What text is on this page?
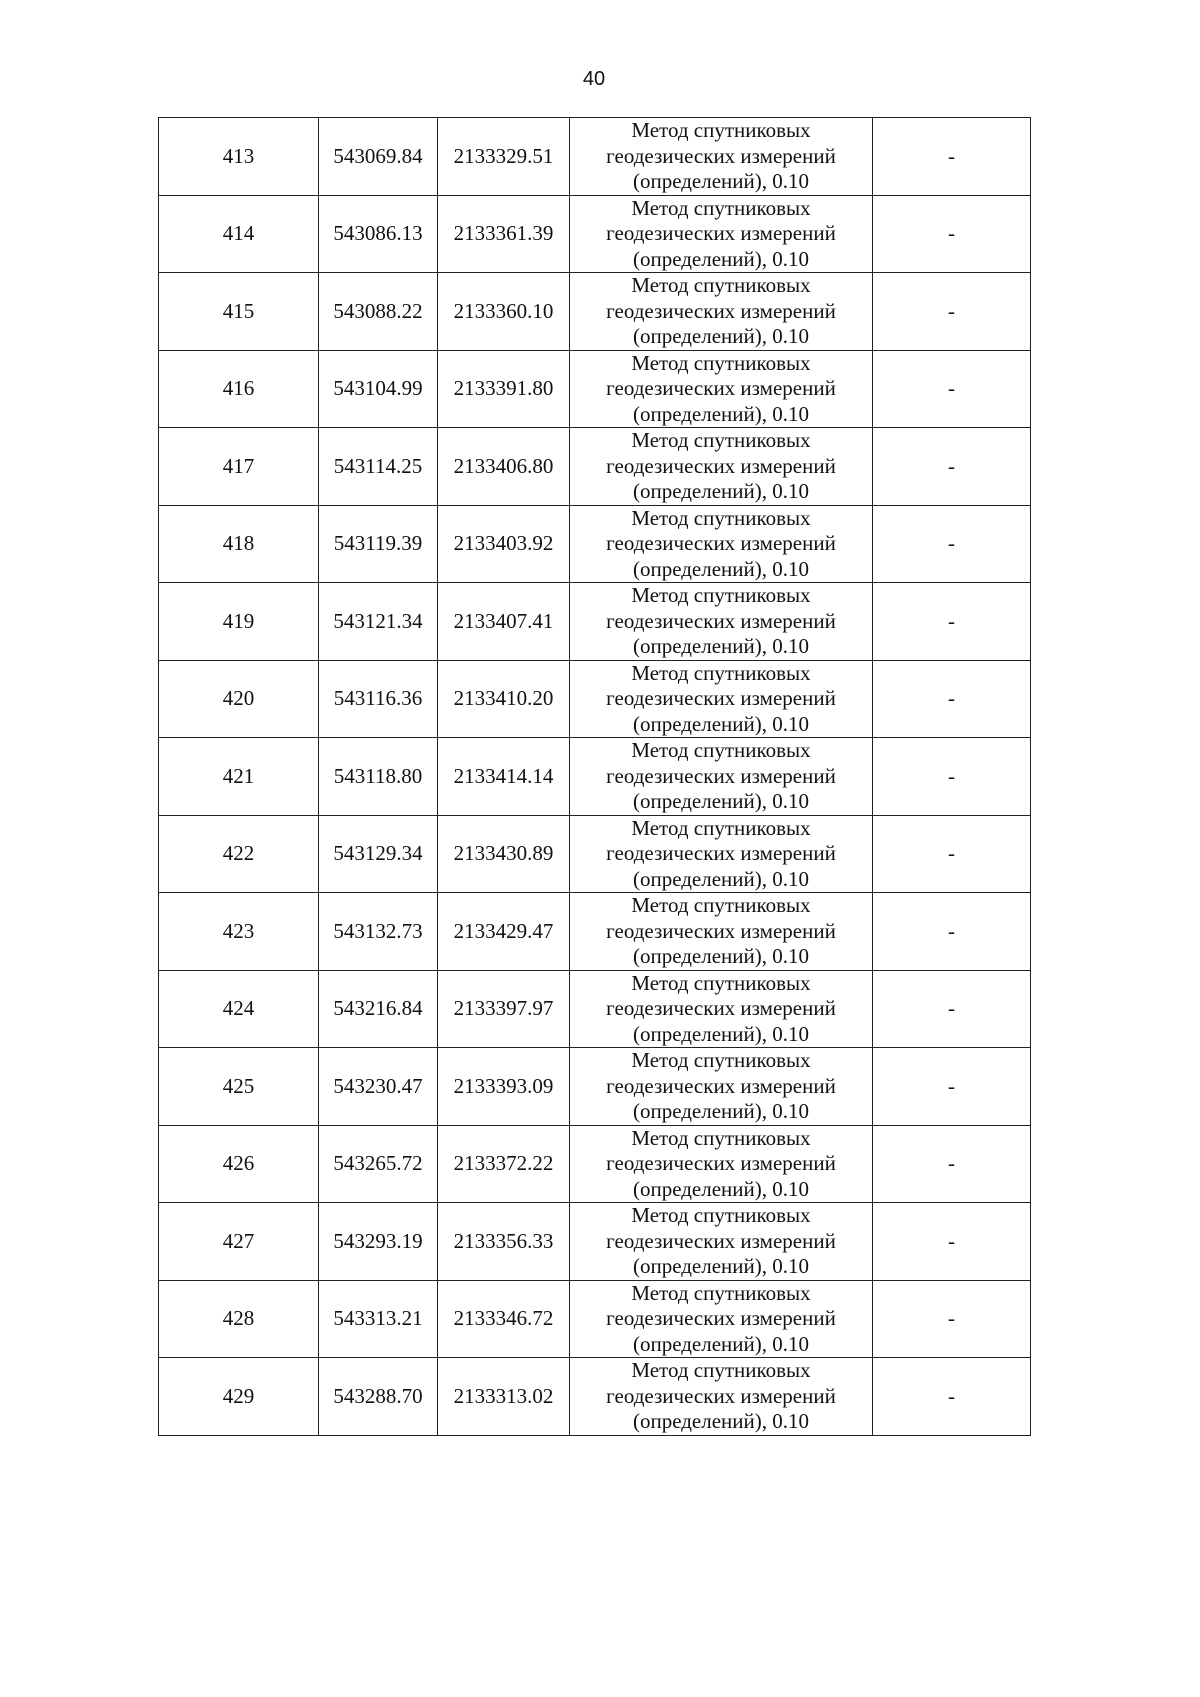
40
413	543069.84	2133329.51	Метод спутниковых
геодезических измерений
(определений), 0.10	-
414	543086.13	2133361.39	Метод спутниковых
геодезических измерений
(определений), 0.10	-
415	543088.22	2133360.10	Метод спутниковых
геодезических измерений
(определений), 0.10	-
416	543104.99	2133391.80	Метод спутниковых
геодезических измерений
(определений), 0.10	-
417	543114.25	2133406.80	Метод спутниковых
геодезических измерений
(определений), 0.10	-
418	543119.39	2133403.92	Метод спутниковых
геодезических измерений
(определений), 0.10	-
419	543121.34	2133407.41	Метод спутниковых
геодезических измерений
(определений), 0.10	-
420	543116.36	2133410.20	Метод спутниковых
геодезических измерений
(определений), 0.10	-
421	543118.80	2133414.14	Метод спутниковых
геодезических измерений
(определений), 0.10	-
422	543129.34	2133430.89	Метод спутниковых
геодезических измерений
(определений), 0.10	-
423	543132.73	2133429.47	Метод спутниковых
геодезических измерений
(определений), 0.10	-
424	543216.84	2133397.97	Метод спутниковых
геодезических измерений
(определений), 0.10	-
425	543230.47	2133393.09	Метод спутниковых
геодезических измерений
(определений), 0.10	-
426	543265.72	2133372.22	Метод спутниковых
геодезических измерений
(определений), 0.10	-
427	543293.19	2133356.33	Метод спутниковых
геодезических измерений
(определений), 0.10	-
428	543313.21	2133346.72	Метод спутниковых
геодезических измерений
(определений), 0.10	-
429	543288.70	2133313.02	Метод спутниковых
геодезических измерений
(определений), 0.10	-
